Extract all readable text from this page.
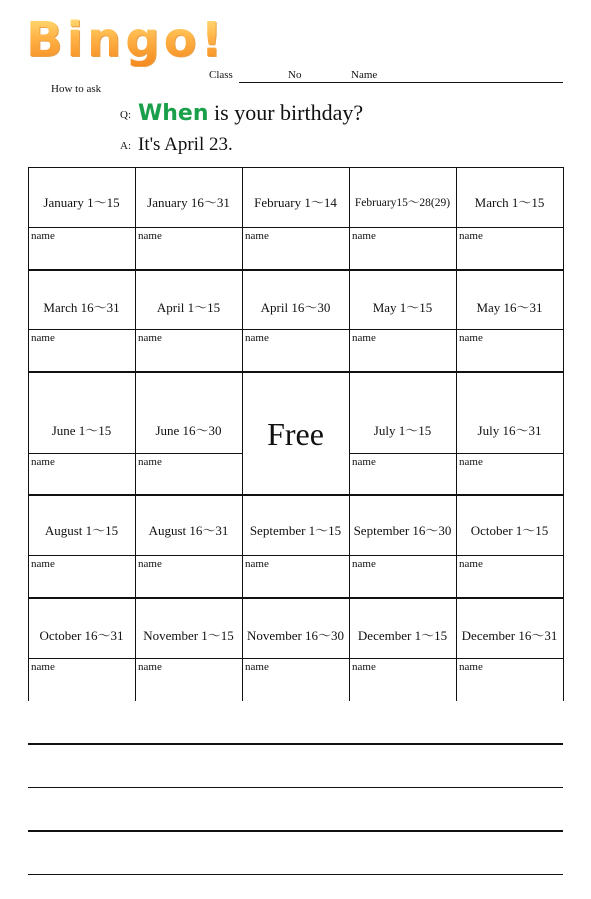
Bingo!
Class	No	Name
How to ask
Q: When is your birthday?
A: It's April 23.
January 1～15
name
January 16～31
name
February 1～14
name
February15～28(29)
name
March 1～15
name
March 16～31
name
April 1～15
name
April 16～30
name
May 1～15
name
May 16～31
name
June 1～15
name
June 16～30
name
July 1～15
name
July 16～31
name
August 1～15
name
August 16～31
name
September 1～15
name
September 16～30
name
October 1～15
name
October 16～31
name
November 1～15
name
November 16～30
name
December 1～15
name
December 16～31
name
Free
